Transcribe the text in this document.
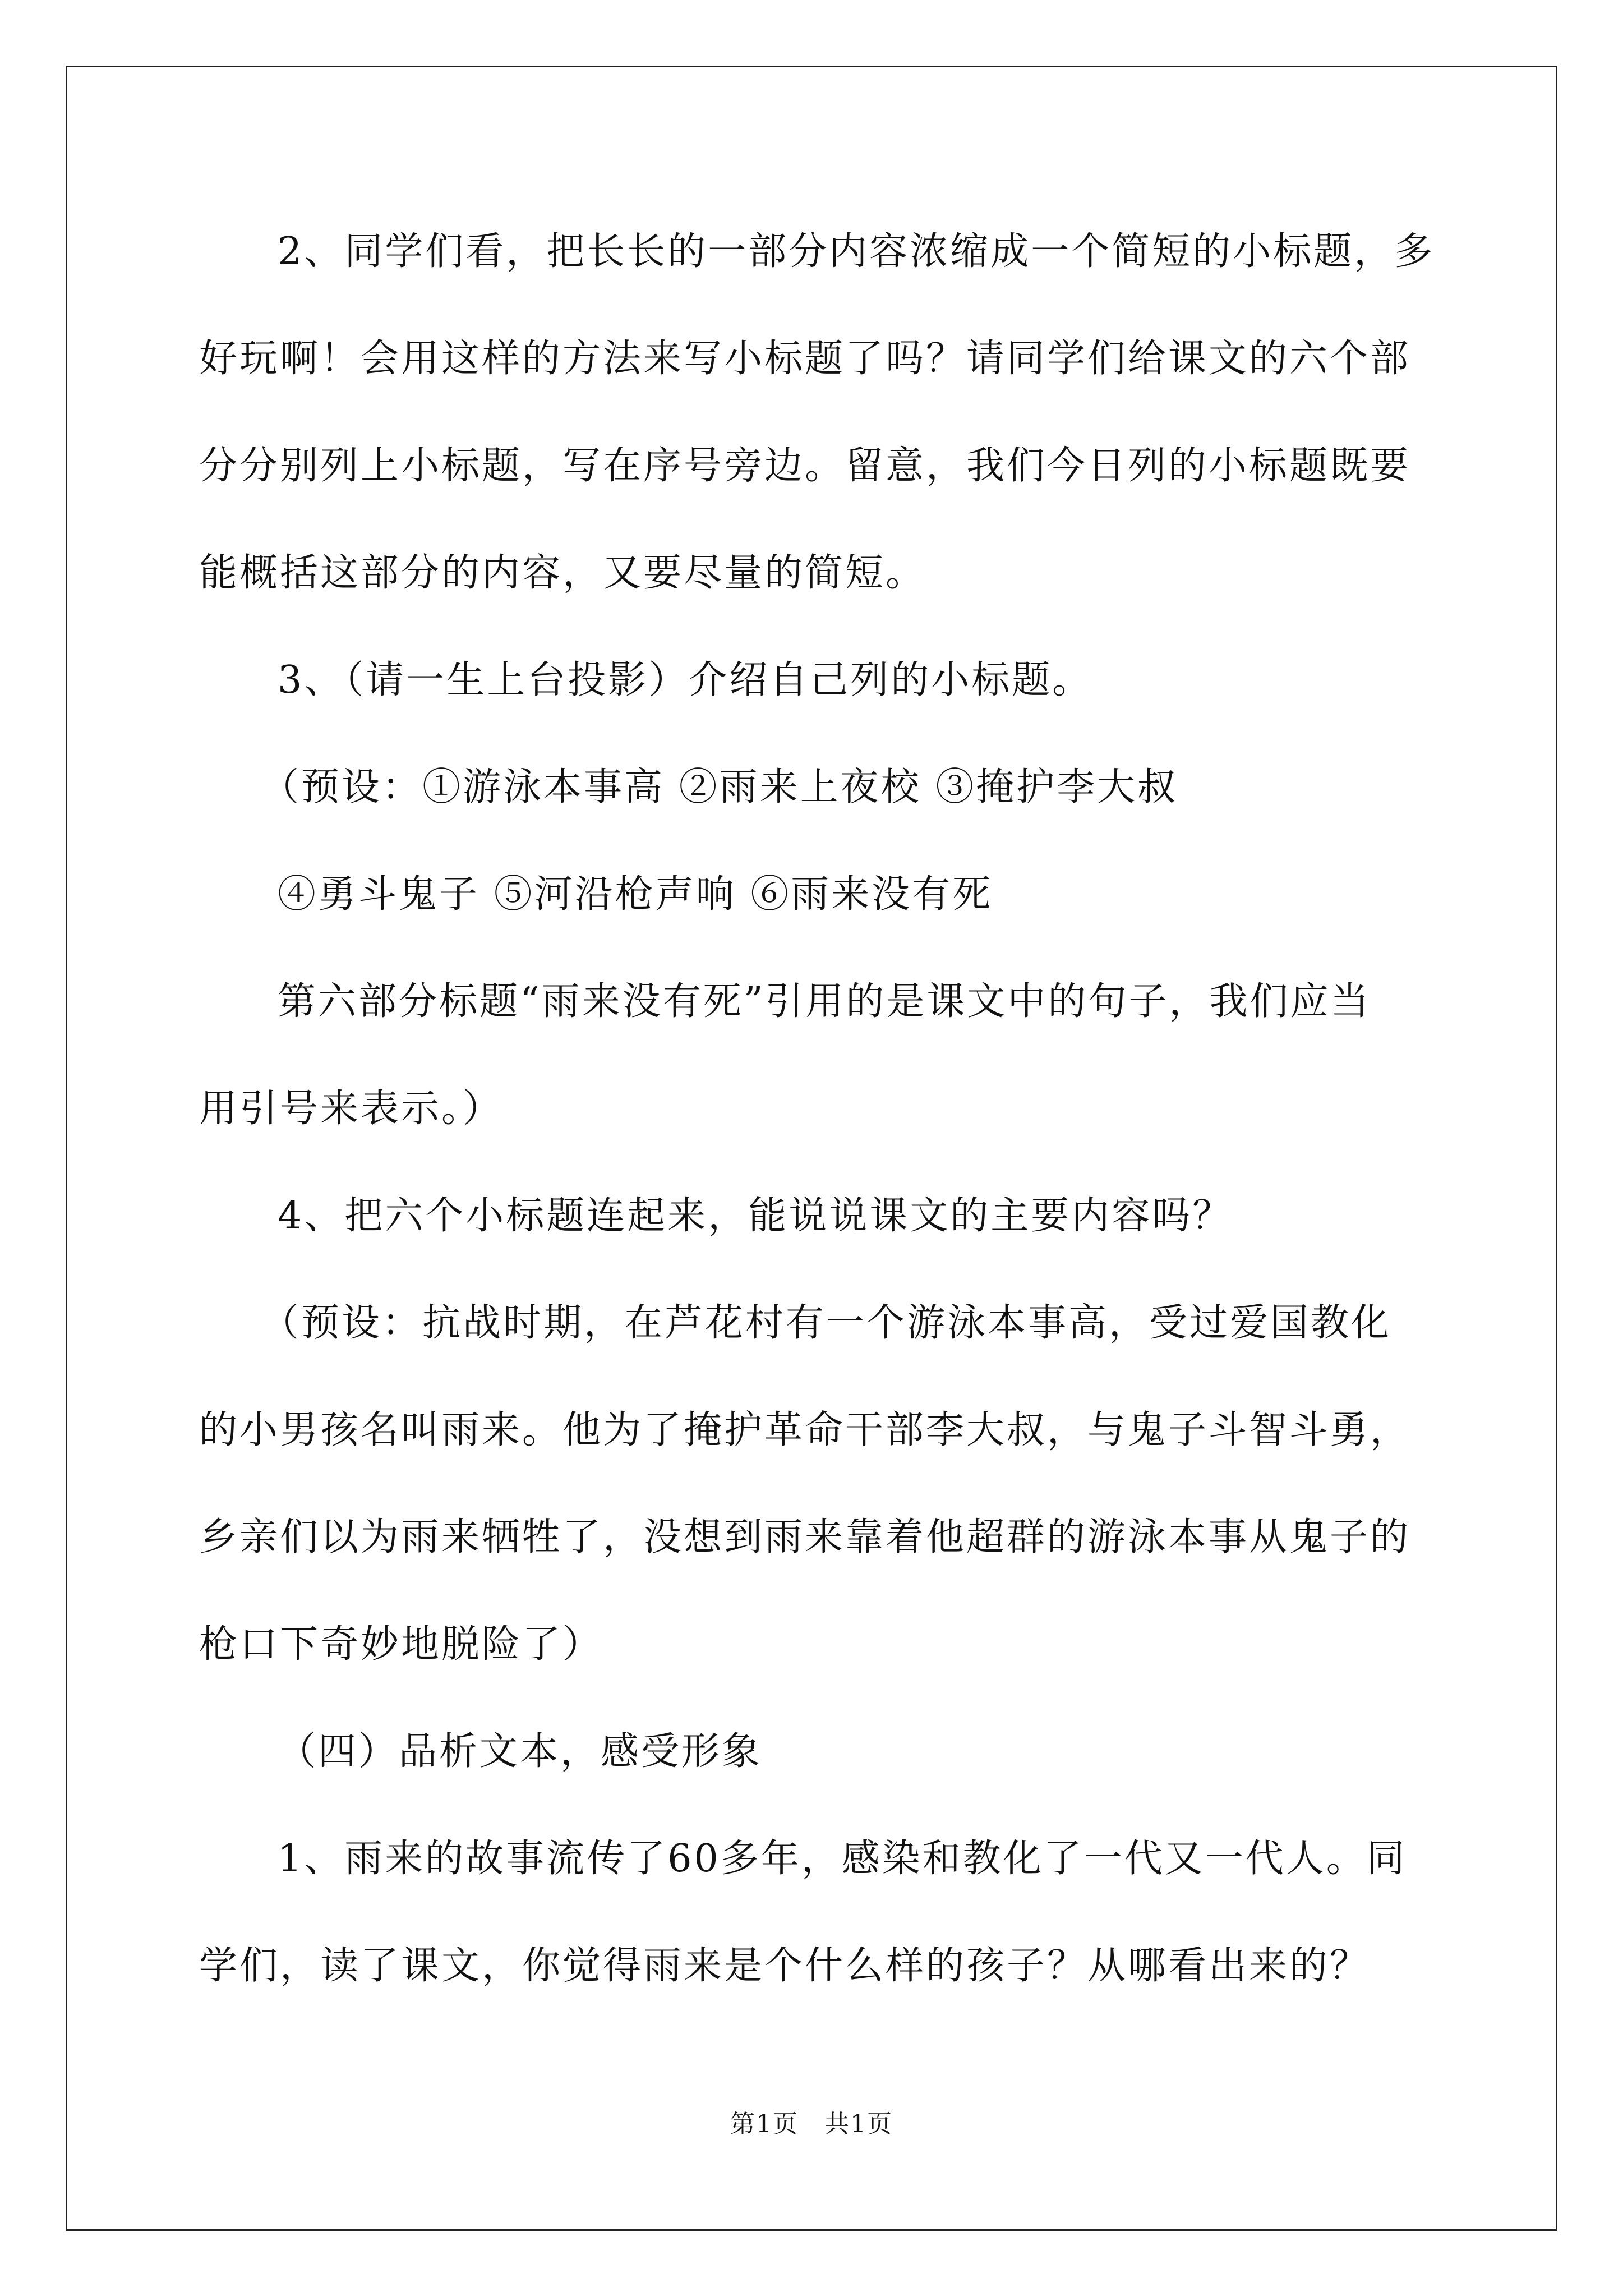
2、同学们看，把长长的一部分内容浓缩成一个简短的小标题，多
好玩啊！会用这样的方法来写小标题了吗？请同学们给课文的六个部
分分别列上小标题，写在序号旁边。留意，我们今日列的小标题既要
能概括这部分的内容，又要尽量的简短。

3、（请一生上台投影）介绍自己列的小标题。

（预设：①游泳本事高 ②雨来上夜校 ③掩护李大叔

④勇斗鬼子 ⑤河沿枪声响 ⑥雨来没有死

第六部分标题“雨来没有死”引用的是课文中的句子，我们应当
用引号来表示。）

4、把六个小标题连起来，能说说课文的主要内容吗？

（预设：抗战时期，在芦花村有一个游泳本事高，受过爱国教化
的小男孩名叫雨来。他为了掩护革命干部李大叔，与鬼子斗智斗勇，
乡亲们以为雨来牺牲了，没想到雨来靠着他超群的游泳本事从鬼子的
枪口下奇妙地脱险了）

（四）品析文本，感受形象

1、雨来的故事流传了60多年，感染和教化了一代又一代人。同
学们，读了课文，你觉得雨来是个什么样的孩子？从哪看出来的？

第1页 共1页
